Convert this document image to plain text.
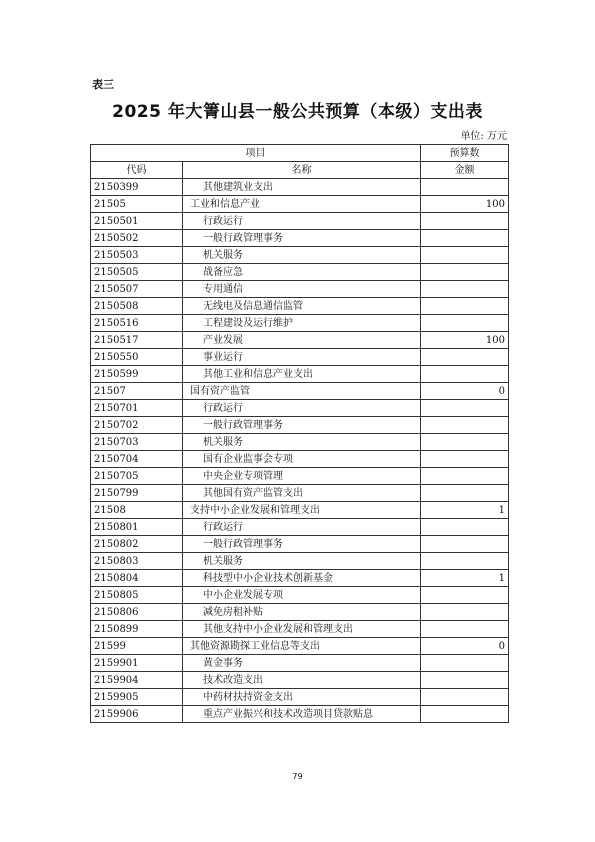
表三
2025 年大箐山县一般公共预算（本级）支出表
单位: 万元
项目		预算数
代码	名称	金额
2150399	其他建筑业支出	
21505	工业和信息产业	100
2150501	行政运行	
2150502	一般行政管理事务	
2150503	机关服务	
2150505	战备应急	
2150507	专用通信	
2150508	无线电及信息通信监管	
2150516	工程建设及运行维护	
2150517	产业发展	100
2150550	事业运行	
2150599	其他工业和信息产业支出	
21507	国有资产监管	0
2150701	行政运行	
2150702	一般行政管理事务	
2150703	机关服务	
2150704	国有企业监事会专项	
2150705	中央企业专项管理	
2150799	其他国有资产监管支出	
21508	支持中小企业发展和管理支出	1
2150801	行政运行	
2150802	一般行政管理事务	
2150803	机关服务	
2150804	科技型中小企业技术创新基金	1
2150805	中小企业发展专项	
2150806	减免房租补贴	
2150899	其他支持中小企业发展和管理支出	
21599	其他资源勘探工业信息等支出	0
2159901	黄金事务	
2159904	技术改造支出	
2159905	中药材扶持资金支出	
2159906	重点产业振兴和技术改造项目贷款贴息	
79
